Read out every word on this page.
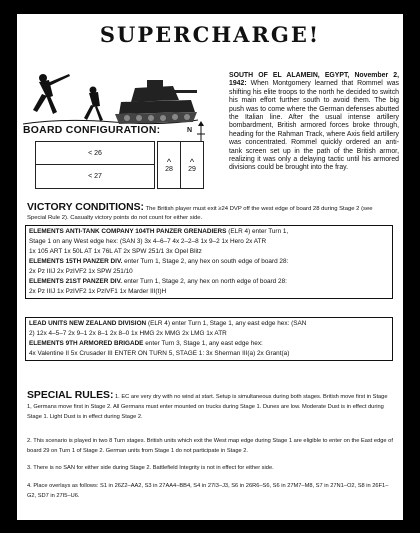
SUPERCHARGE!
SOUTH OF EL ALAMEIN, EGYPT, November 2, 1942: When Montgomery learned that Rommel was shifting his elite troops to the north he decided to switch his main effort further south to avoid them. The big push was to come where the German defenses abutted the Italian line. After the usual intense artillery bombardment, British armored forces broke through, heading for the Rahman Track, where Axis field artillery was concentrated. Rommel quickly ordered an anti-tank screen set up in the path of the British armor, realizing it was only a delaying tactic until his armored divisions could be brought into the fray.
BOARD CONFIGURATION:	N
< 26
< 27
^
28
^
29
VICTORY CONDITIONS: The British player must exit ≥24 DVP off the west edge of board 28 during Stage 2 (see Special Rule 2). Casualty victory points do not count for either side.
ELEMENTS ANTI-TANK COMPANY 104TH PANZER GRENADIERS (ELR 4) enter Turn 1,
Stage 1 on any West edge hex: (SAN 3) 3x 4–6–7 4x 2–2–8 1x 9–2 1x Hero 2x ATR
1x 105 ART 1x 50L AT 1x 76L AT 2x SPW 251/1 3x Opel Blitz
ELEMENTS 15TH PANZER DIV. enter Turn 1, Stage 2, any hex on south edge of board 28:
2x Pz IIIJ 2x PzIVF2 1x SPW 251/10
ELEMENTS 21ST PANZER DIV. enter Turn 1, Stage 2, any hex on north edge of board 28:
2x Pz IIIJ 1x PzIVF2 1x PzIVF1 1x Marder III(t)H
LEAD UNITS NEW ZEALAND DIVISION (ELR 4) enter Turn 1, Stage 1, any east edge hex: (SAN
2) 12x 4–5–7 2x 9–1 2x 8–1 2x 8–0 1x HMG 2x MMG 2x LMG 1x ATR
ELEMENTS 9TH ARMORED BRIGADE enter Turn 3, Stage 1, any east edge hex:
4x Valentine II 5x Crusader III ENTER ON TURN 5, STAGE 1: 3x Sherman III(a) 2x Grant(a)
SPECIAL RULES: 1. EC are very dry with no wind at start. Setup is simultaneous during both stages. British move first in Stage 1, Germans move first in Stage 2. All Germans must enter mounted on trucks during Stage 1. Dunes are low. Moderate Dust is in effect during Stage 1. Light Dust is in effect during Stage 2.
2. This scenario is played in two 8 Turn stages. British units which exit the West map edge during Stage 1 are eligible to enter on the East edge of board 29 on Turn 1 of Stage 2. German units from Stage 1 do not participate in Stage 2.
3. There is no SAN for either side during Stage 2. Battlefield Integrity is not in effect for either side.
4. Place overlays as follows: S1 in 26Z2–AA2, S3 in 27AA4–BB4, S4 in 27I3–J3, S6 in 26R6–S6, S6 in 27M7–M8, S7 in 27N1–O2, S8 in 26F1–G2, SD7 in 27I5–U6.
